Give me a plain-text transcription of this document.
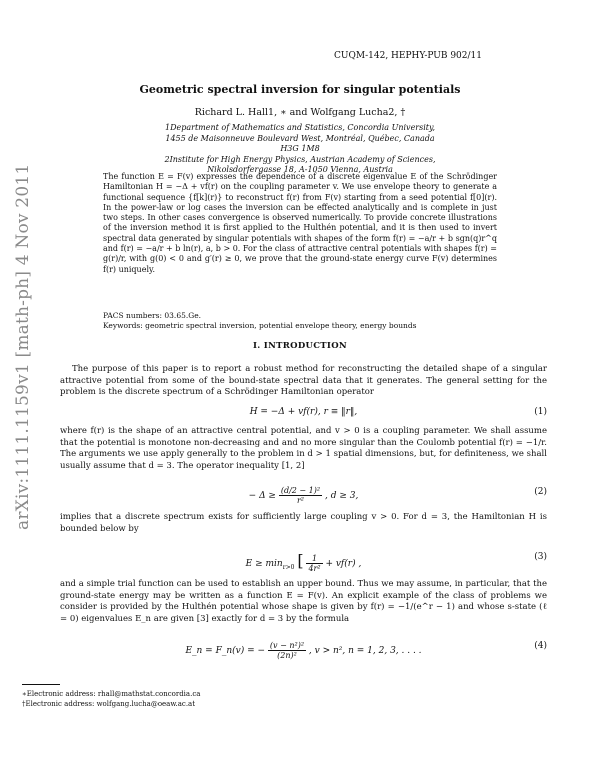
CUQM-142, HEPHY-PUB 902/11
arXiv:1111.1159v1 [math-ph] 4 Nov 2011
Geometric spectral inversion for singular potentials
Richard L. Hall1, ∗ and Wolfgang Lucha2, †
1Department of Mathematics and Statistics, Concordia University, 1455 de Maisonneuve Boulevard West, Montréal, Québec, Canada H3G 1M8
2Institute for High Energy Physics, Austrian Academy of Sciences, Nikolsdorfergasse 18, A-1050 Vienna, Austria
The function E = F(v) expresses the dependence of a discrete eigenvalue E of the Schrödinger Hamiltonian H = −Δ + vf(r) on the coupling parameter v. We use envelope theory to generate a functional sequence {f[k](r)} to reconstruct f(r) from F(v) starting from a seed potential f[0](r). In the power-law or log cases the inversion can be effected analytically and is complete in just two steps. In other cases convergence is observed numerically. To provide concrete illustrations of the inversion method it is first applied to the Hulthén potential, and it is then used to invert spectral data generated by singular potentials with shapes of the form f(r) = −a/r + b sgn(q)r^q and f(r) = −a/r + b ln(r), a, b > 0. For the class of attractive central potentials with shapes f(r) = g(r)/r, with g(0) < 0 and g′(r) ≥ 0, we prove that the ground-state energy curve F(v) determines f(r) uniquely.
PACS numbers: 03.65.Ge.
Keywords: geometric spectral inversion, potential envelope theory, energy bounds
I. INTRODUCTION
The purpose of this paper is to report a robust method for reconstructing the detailed shape of a singular attractive potential from some of the bound-state spectral data that it generates. The general setting for the problem is the discrete spectrum of a Schrödinger Hamiltonian operator
H = −Δ + vf(r), r ≡ ‖r‖,	(1)
where f(r) is the shape of an attractive central potential, and v > 0 is a coupling parameter. We shall assume that the potential is monotone non-decreasing and and no more singular than the Coulomb potential f(r) = −1/r. The arguments we use apply generally to the problem in d > 1 spatial dimensions, but, for definiteness, we shall usually assume that d = 3. The operator inequality [1, 2]
− $\Delta \ge \frac{\text{(d/2 − 1)²}}{\text{r²}}$ , d ≥ 3,	(2)
implies that a discrete spectrum exists for sufficiently large coupling v > 0. For d = 3, the Hamiltonian H is bounded below by
$E \ge \min_{r>0}$ [ $\frac{1}{\text{4r²}} + vf(r)$ ,
(3)
and a simple trial function can be used to establish an upper bound. Thus we may assume, in particular, that the ground-state energy may be written as a function E = F(v). An explicit example of the class of problems we consider is provided by the Hulthén potential whose shape is given by f(r) = −1/(e^r − 1) and whose s-state (ℓ = 0) eigenvalues E_n are given [3] exactly for d = 3 by the formula
E_n = F_n(v) = − $\frac{\text{(v − n²)²}}{\text{(2n)²}}$ , v > n², n = 1, 2, 3, . . . .	(4)
∗Electronic address: rhall@mathstat.concordia.ca
†Electronic address: wolfgang.lucha@oeaw.ac.at
